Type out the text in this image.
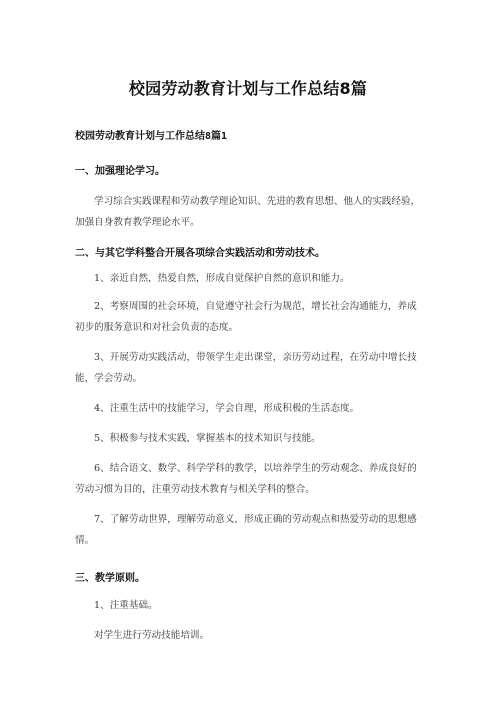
校园劳动教育计划与工作总结8篇
校园劳动教育计划与工作总结8篇1
一、加强理论学习。
学习综合实践课程和劳动教学理论知识、先进的教育思想、他人的实践经验，加强自身教育教学理论水平。
二、与其它学科整合开展各项综合实践活动和劳动技术。
1、亲近自然，热爱自然，形成自觉保护自然的意识和能力。
2、考察周围的社会环境，自觉遵守社会行为规范，增长社会沟通能力，养成初步的服务意识和对社会负责的态度。
3、开展劳动实践活动，带领学生走出课堂，亲历劳动过程，在劳动中增长技能，学会劳动。
4、注重生活中的技能学习，学会自理，形成积极的生活态度。
5、积极参与技术实践，掌握基本的技术知识与技能。
6、结合语文、数学、科学学科的教学，以培养学生的劳动观念、养成良好的劳动习惯为目的，注重劳动技术教育与相关学科的整合。
7、了解劳动世界，理解劳动意义，形成正确的劳动观点和热爱劳动的思想感情。
三、教学原则。
1、注重基础。
对学生进行劳动技能培训。
